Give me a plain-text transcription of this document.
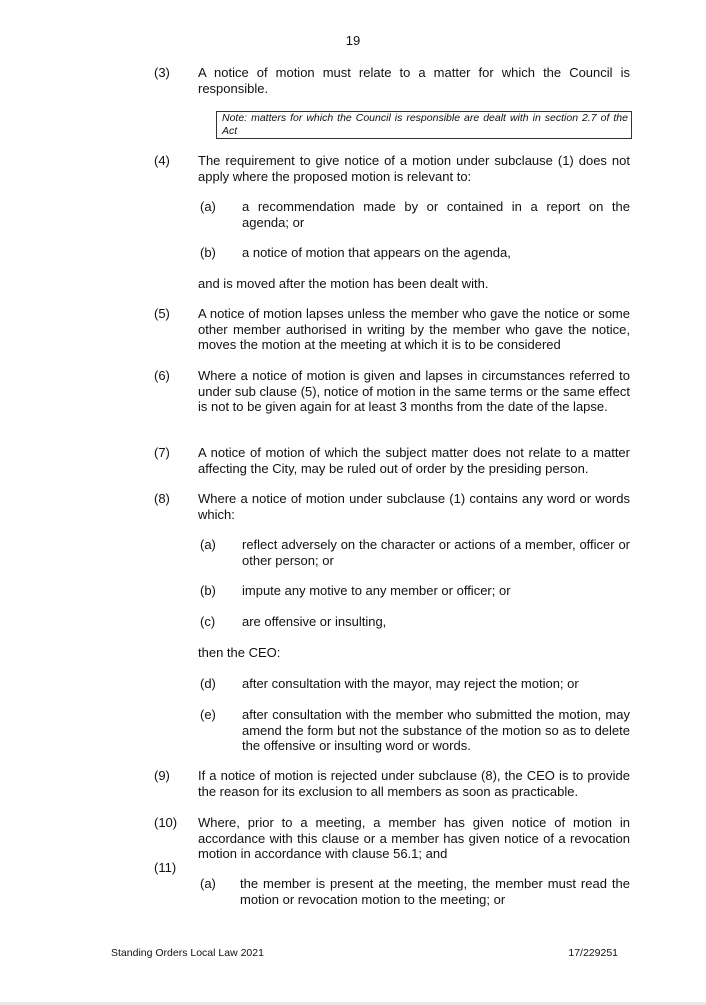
19
(3) A notice of motion must relate to a matter for which the Council is responsible.
Note: matters for which the Council is responsible are dealt with in section 2.7 of the Act
(4) The requirement to give notice of a motion under subclause (1) does not apply where the proposed motion is relevant to:
(a) a recommendation made by or contained in a report on the agenda; or
(b) a notice of motion that appears on the agenda,
and is moved after the motion has been dealt with.
(5) A notice of motion lapses unless the member who gave the notice or some other member authorised in writing by the member who gave the notice, moves the motion at the meeting at which it is to be considered
(6) Where a notice of motion is given and lapses in circumstances referred to under sub clause (5), notice of motion in the same terms or the same effect is not to be given again for at least 3 months from the date of the lapse.
(7) A notice of motion of which the subject matter does not relate to a matter affecting the City, may be ruled out of order by the presiding person.
(8) Where a notice of motion under subclause (1) contains any word or words which:
(a) reflect adversely on the character or actions of a member, officer or other person; or
(b) impute any motive to any member or officer; or
(c) are offensive or insulting,
then the CEO:
(d) after consultation with the mayor, may reject the motion; or
(e) after consultation with the member who submitted the motion, may amend the form but not the substance of the motion so as to delete the offensive or insulting word or words.
(9) If a notice of motion is rejected under subclause (8), the CEO is to provide the reason for its exclusion to all members as soon as practicable.
(10) Where, prior to a meeting, a member has given notice of motion in accordance with this clause or a member has given notice of a revocation motion in accordance with clause 56.1; and
(11)
(a) the member is present at the meeting, the member must read the motion or revocation motion to the meeting; or
Standing Orders Local Law 2021	17/229251
